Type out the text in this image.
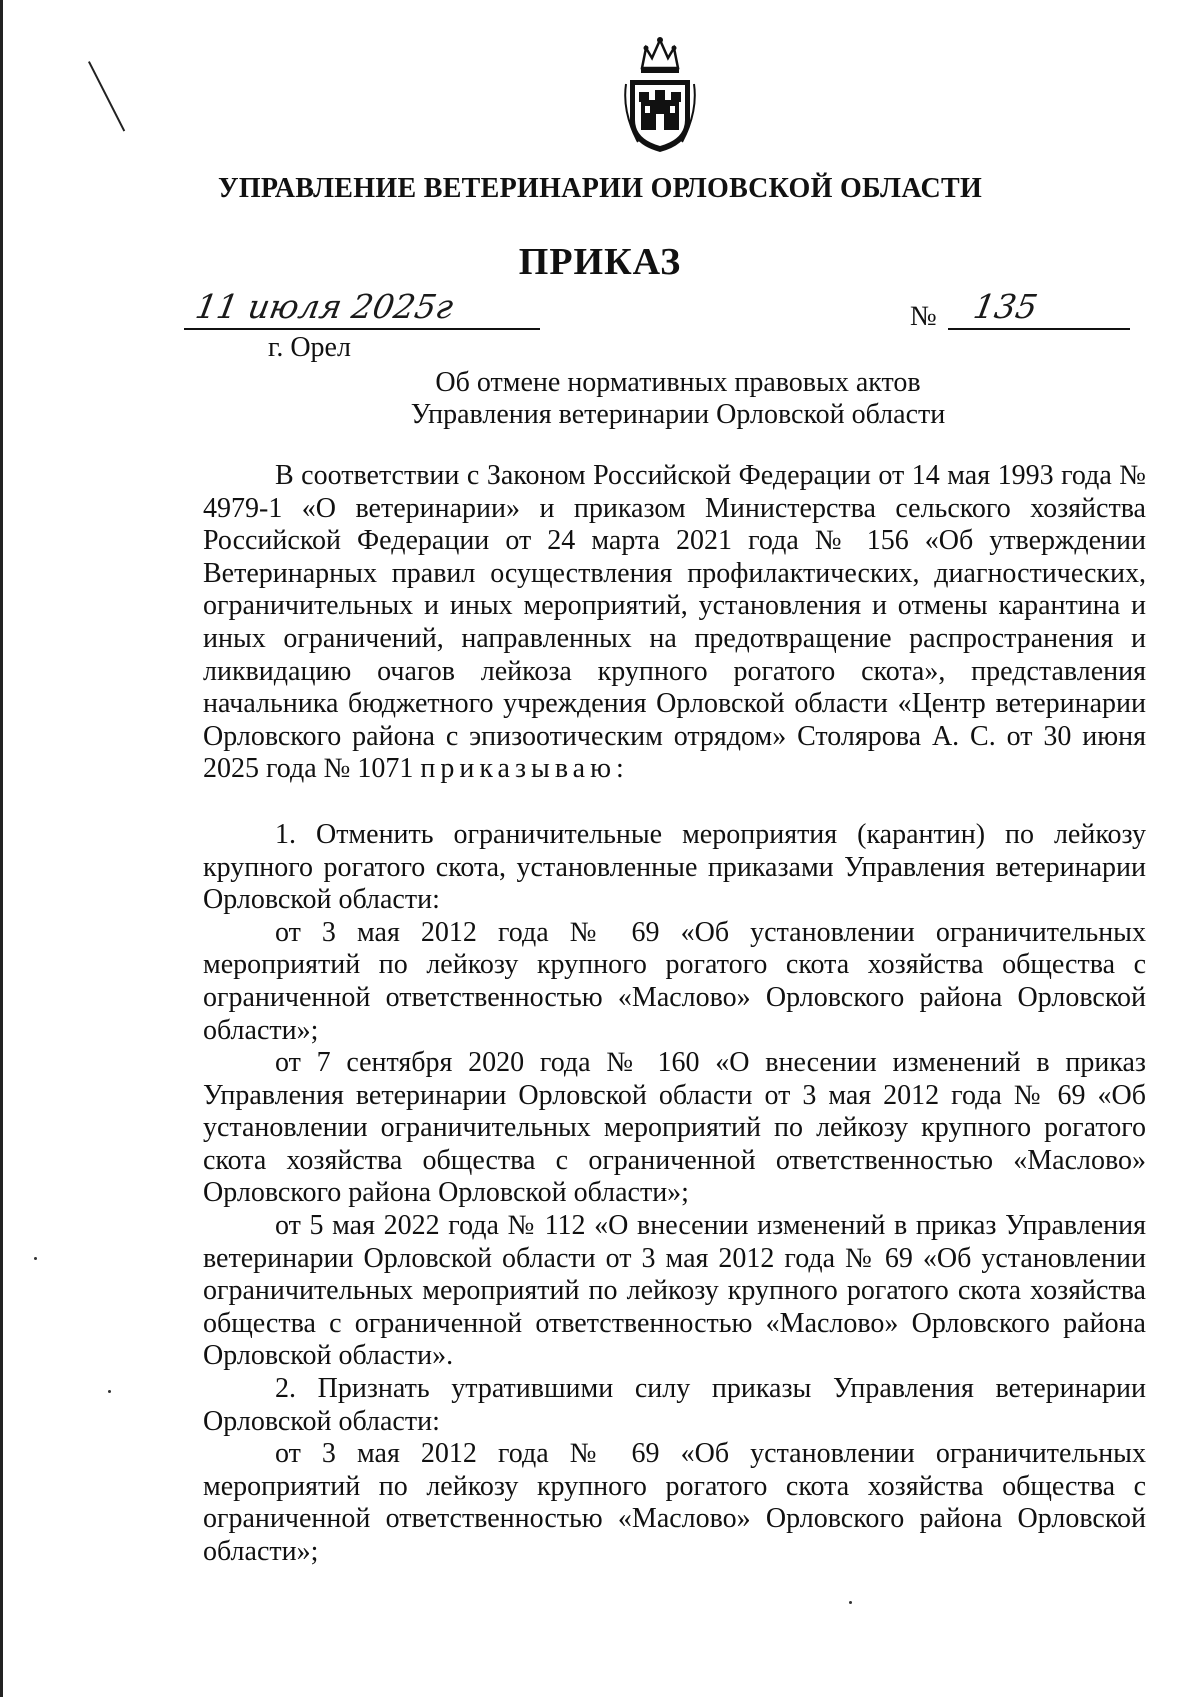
УПРАВЛЕНИЕ ВЕТЕРИНАРИИ ОРЛОВСКОЙ ОБЛАСТИ
ПРИКАЗ
11 июля 2025г	№ 135
г. Орел
Об отмене нормативных правовых актов
Управления ветеринарии Орловской области

В соответствии с Законом Российской Федерации от 14 мая 1993 года № 4979-1 «О ветеринарии» и приказом Министерства сельского хозяйства Российской Федерации от 24 марта 2021 года № 156 «Об утверждении Ветеринарных правил осуществления профилактических, диагностических, ограничительных и иных мероприятий, установления и отмены карантина и иных ограничений, направленных на предотвращение распространения и ликвидацию очагов лейкоза крупного рогатого скота», представления начальника бюджетного учреждения Орловской области «Центр ветеринарии Орловского района с эпизоотическим отрядом» Столярова А. С. от 30 июня 2025 года № 1071 приказываю:

1. Отменить ограничительные мероприятия (карантин) по лейкозу крупного рогатого скота, установленные приказами Управления ветеринарии Орловской области:

от 3 мая 2012 года № 69 «Об установлении ограничительных мероприятий по лейкозу крупного рогатого скота хозяйства общества с ограниченной ответственностью «Маслово» Орловского района Орловской области»;

от 7 сентября 2020 года № 160 «О внесении изменений в приказ Управления ветеринарии Орловской области от 3 мая 2012 года № 69 «Об установлении ограничительных мероприятий по лейкозу крупного рогатого скота хозяйства общества с ограниченной ответственностью «Маслово» Орловского района Орловской области»;

от 5 мая 2022 года № 112 «О внесении изменений в приказ Управления ветеринарии Орловской области от 3 мая 2012 года № 69 «Об установлении ограничительных мероприятий по лейкозу крупного рогатого скота хозяйства общества с ограниченной ответственностью «Маслово» Орловского района Орловской области».

2. Признать утратившими силу приказы Управления ветеринарии Орловской области:

от 3 мая 2012 года № 69 «Об установлении ограничительных мероприятий по лейкозу крупного рогатого скота хозяйства общества с ограниченной ответственностью «Маслово» Орловского района Орловской области»;
